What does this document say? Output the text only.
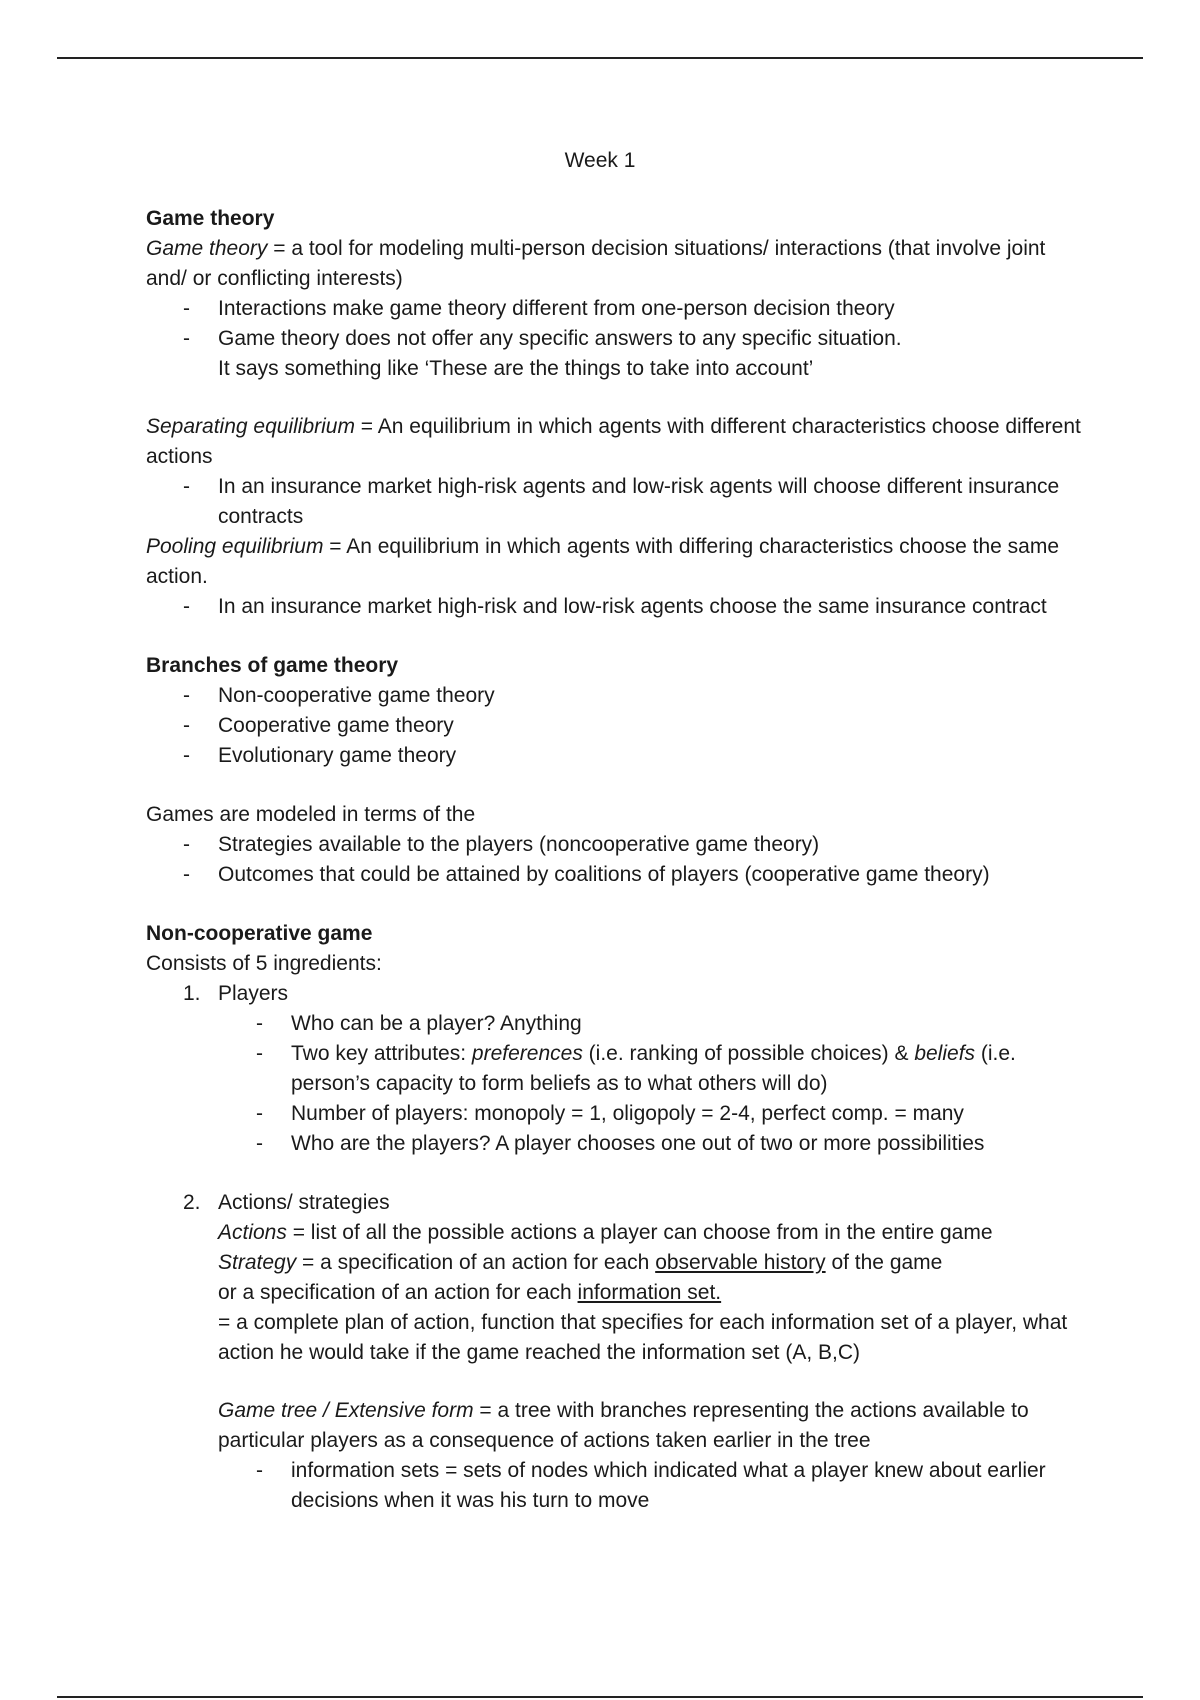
Week 1

Game theory

Game theory = a tool for modeling multi-person decision situations/ interactions (that involve joint and/ or conflicting interests)

- Interactions make game theory different from one-person decision theory
- Game theory does not offer any specific answers to any specific situation.
It says something like ‘These are the things to take into account’

Separating equilibrium = An equilibrium in which agents with different characteristics choose different actions

- In an insurance market high-risk agents and low-risk agents will choose different insurance contracts

Pooling equilibrium = An equilibrium in which agents with differing characteristics choose the same action.

- In an insurance market high-risk and low-risk agents choose the same insurance contract

Branches of game theory

- Non-cooperative game theory
- Cooperative game theory
- Evolutionary game theory

Games are modeled in terms of the

- Strategies available to the players (noncooperative game theory)
- Outcomes that could be attained by coalitions of players (cooperative game theory)

Non-cooperative game

Consists of 5 ingredients:

1. Players
- Who can be a player? Anything
- Two key attributes: preferences (i.e. ranking of possible choices) & beliefs (i.e. person’s capacity to form beliefs as to what others will do)
- Number of players: monopoly = 1, oligopoly = 2-4, perfect comp. = many
- Who are the players? A player chooses one out of two or more possibilities
2. Actions/ strategies

Actions = list of all the possible actions a player can choose from in the entire game

Strategy = a specification of an action for each observable history of the game

or a specification of an action for each information set.

= a complete plan of action, function that specifies for each information set of a player, what action he would take if the game reached the information set (A, B,C)

Game tree / Extensive form = a tree with branches representing the actions available to particular players as a consequence of actions taken earlier in the tree

- information sets = sets of nodes which indicated what a player knew about earlier decisions when it was his turn to move
